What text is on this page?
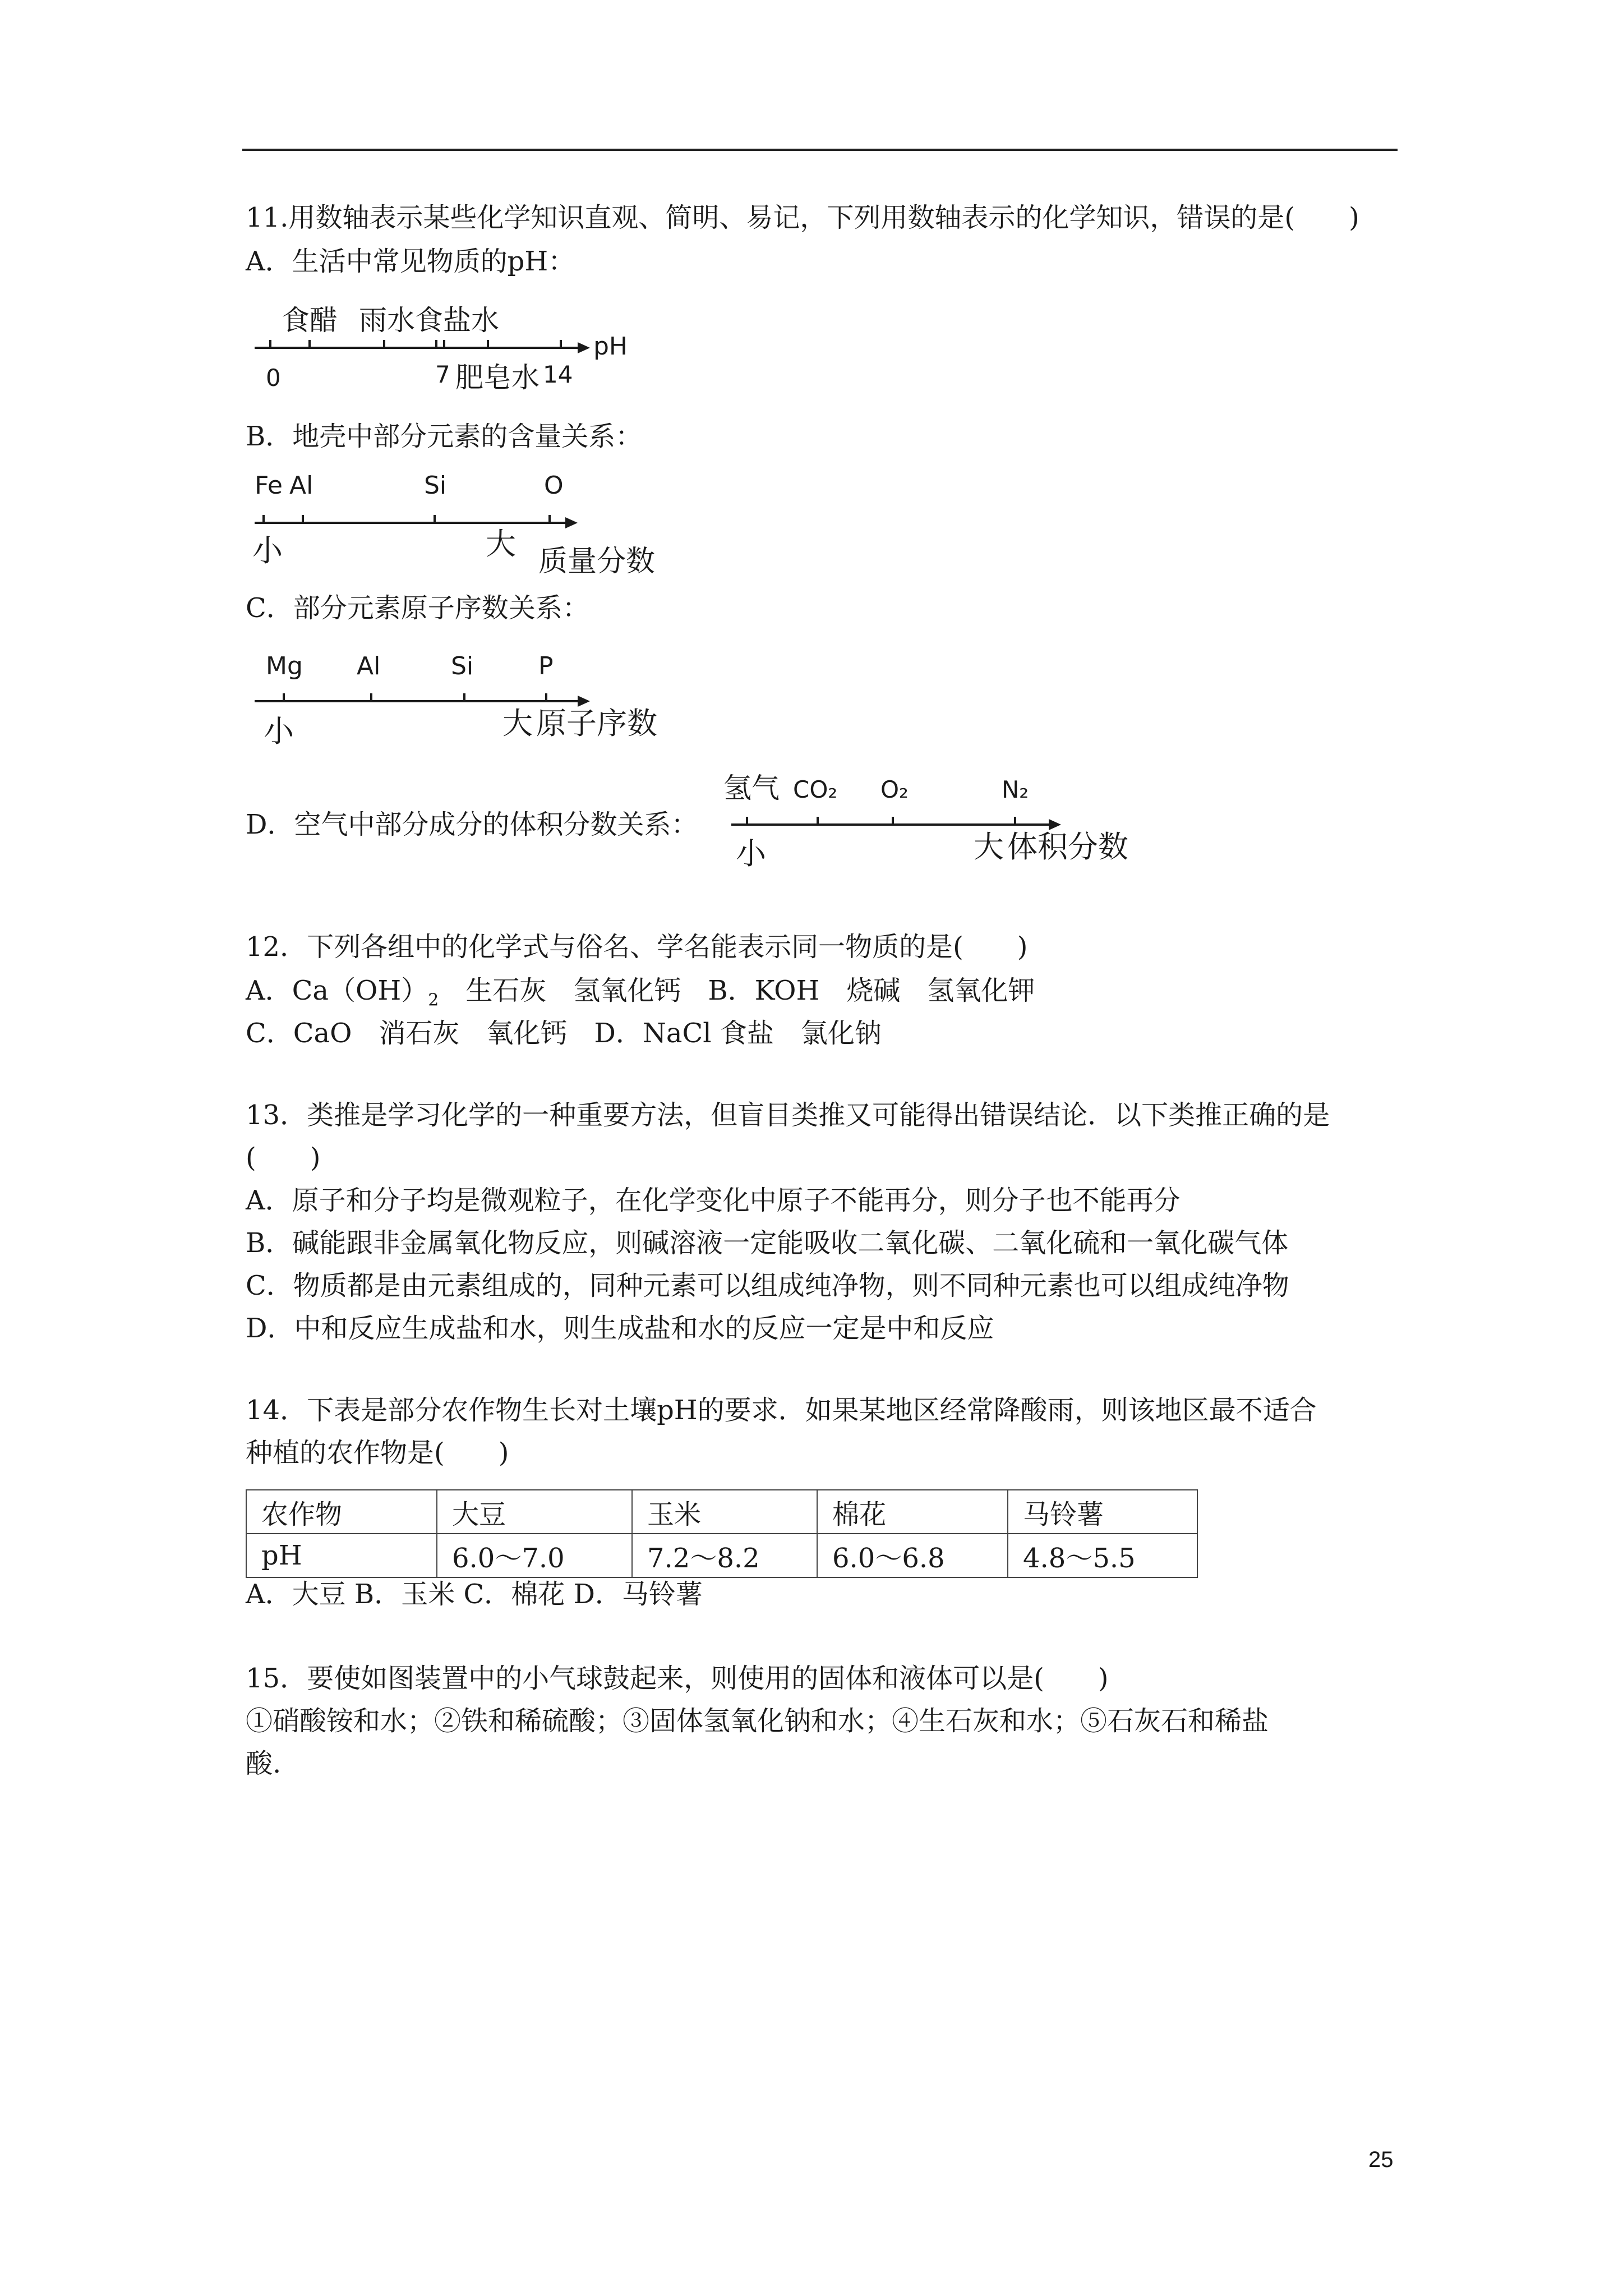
11.用数轴表示某些化学知识直观、简明、易记，下列用数轴表示的化学知识，错误的是(　　)
A．生活中常见物质的pH：
食醋 雨水食盐水
pH
0	7 肥皂水 14
B．地壳中部分元素的含量关系：
Fe Al	Si	O
小	大 质量分数
C．部分元素原子序数关系：
Mg Al	Si	P
小	大 原子序数
D．空气中部分成分的体积分数关系：
氢气 CO₂ O₂	N₂
小	大 体积分数
12．下列各组中的化学式与俗名、学名能表示同一物质的是(　　)
A．$Ca(OH)_2$　生石灰　氢氧化钙　B．KOH　烧碱　氢氧化钾
C．CaO　消石灰　氧化钙　D．NaCl 食盐　氯化钠
13．类推是学习化学的一种重要方法，但盲目类推又可能得出错误结论．以下类推正确的是
(　　)
A．原子和分子均是微观粒子，在化学变化中原子不能再分，则分子也不能再分
B．碱能跟非金属氧化物反应，则碱溶液一定能吸收二氧化碳、二氧化硫和一氧化碳气体
C．物质都是由元素组成的，同种元素可以组成纯净物，则不同种元素也可以组成纯净物
D．中和反应生成盐和水，则生成盐和水的反应一定是中和反应
14．下表是部分农作物生长对土壤pH的要求．如果某地区经常降酸雨，则该地区最不适合
种植的农作物是(　　)
农作物	大豆	玉米	棉花	马铃薯
pH	6.0～7.0	7.2～8.2	6.0～6.8	4.8～5.5
A．大豆 B．玉米 C．棉花 D．马铃薯
15．要使如图装置中的小气球鼓起来，则使用的固体和液体可以是(　　)
①硝酸铵和水；②铁和稀硫酸；③固体氢氧化钠和水；④生石灰和水；⑤石灰石和稀盐
酸.
25
